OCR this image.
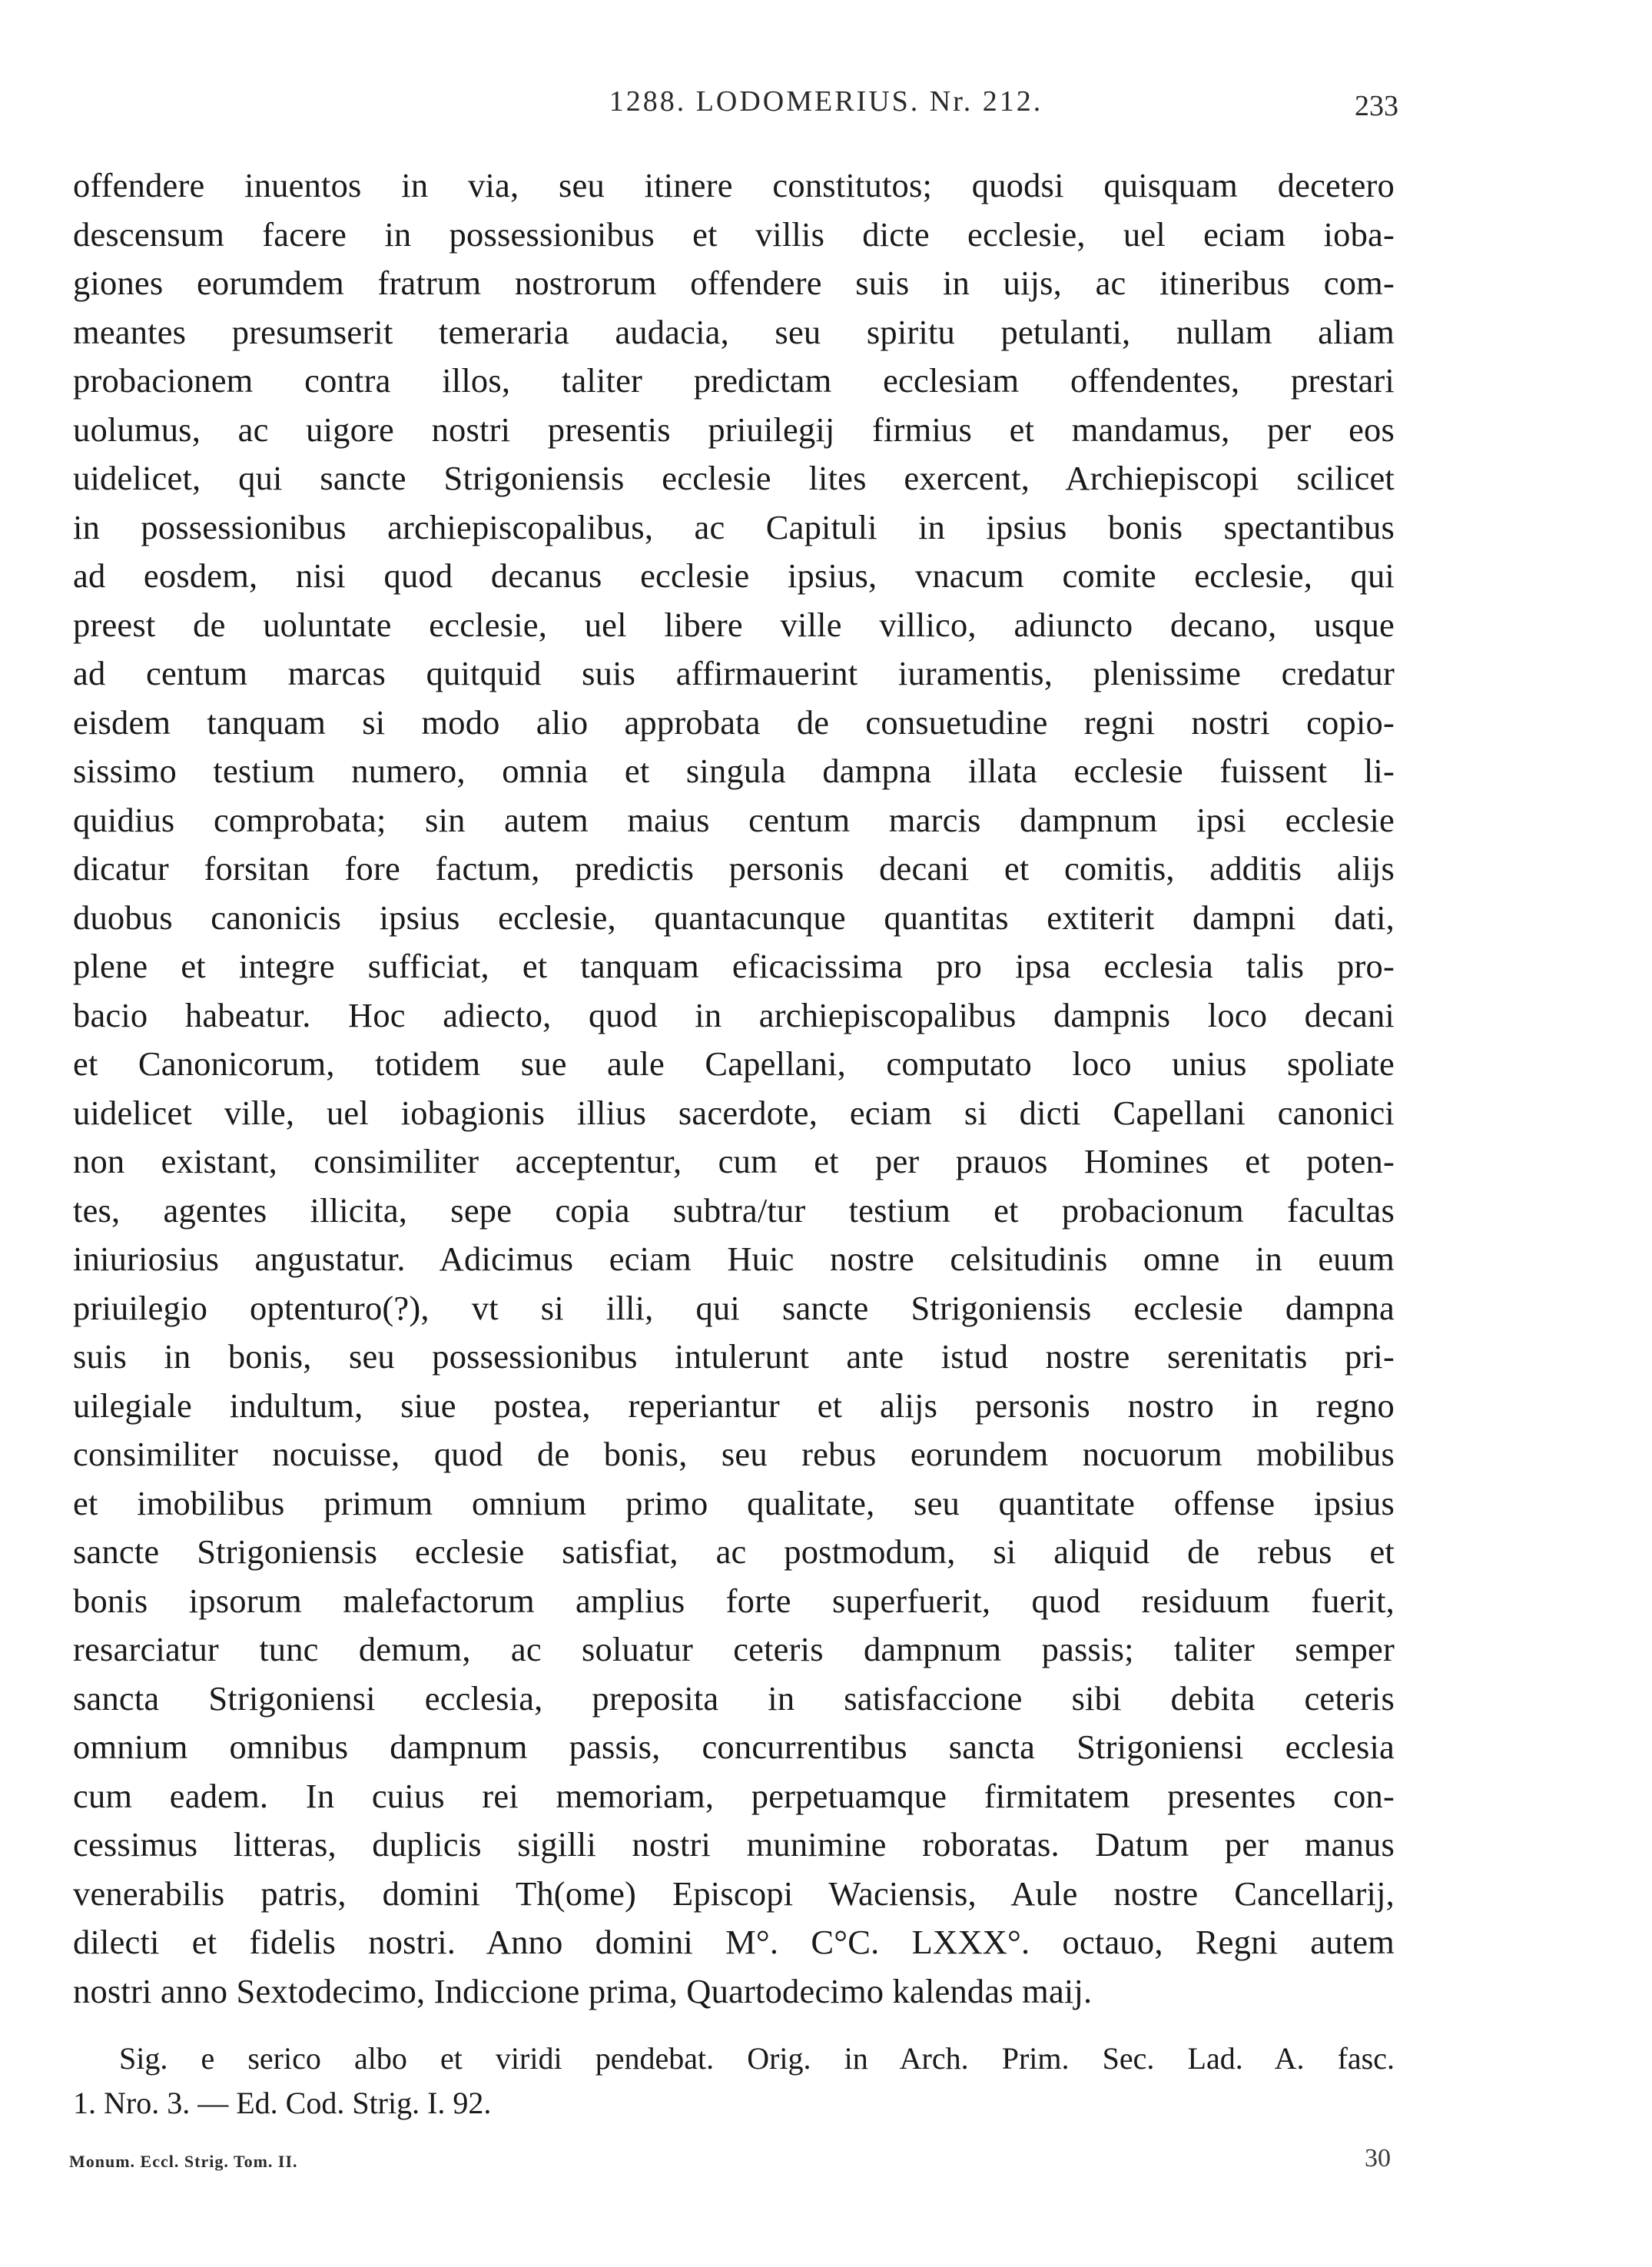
1288. LODOMERIUS. Nr. 212.	233
offendere inuentos in via, seu itinere constitutos; quodsi quisquam decetero
descensum facere in possessionibus et villis dicte ecclesie, uel eciam ioba-
giones eorumdem fratrum nostrorum offendere suis in uijs, ac itineribus com-
meantes presumserit temeraria audacia, seu spiritu petulanti, nullam aliam
probacionem contra illos, taliter predictam ecclesiam offendentes, prestari
uolumus, ac uigore nostri presentis priuilegij firmius et mandamus, per eos
uidelicet, qui sancte Strigoniensis ecclesie lites exercent, Archiepiscopi scilicet
in possessionibus archiepiscopalibus, ac Capituli in ipsius bonis spectantibus
ad eosdem, nisi quod decanus ecclesie ipsius, vnacum comite ecclesie, qui
preest de uoluntate ecclesie, uel libere ville villico, adiuncto decano, usque
ad centum marcas quitquid suis affirmauerint iuramentis, plenissime credatur
eisdem tanquam si modo alio approbata de consuetudine regni nostri copio-
sissimo testium numero, omnia et singula dampna illata ecclesie fuissent li-
quidius comprobata; sin autem maius centum marcis dampnum ipsi ecclesie
dicatur forsitan fore factum, predictis personis decani et comitis, additis alijs
duobus canonicis ipsius ecclesie, quantacunque quantitas extiterit dampni dati,
plene et integre sufficiat, et tanquam eficacissima pro ipsa ecclesia talis pro-
bacio habeatur. Hoc adiecto, quod in archiepiscopalibus dampnis loco decani
et Canonicorum, totidem sue aule Capellani, computato loco unius spoliate
uidelicet ville, uel iobagionis illius sacerdote, eciam si dicti Capellani canonici
non existant, consimiliter acceptentur, cum et per prauos Homines et poten-
tes, agentes illicita, sepe copia subtra/tur testium et probacionum facultas
iniuriosius angustatur. Adicimus eciam Huic nostre celsitudinis omne in euum
priuilegio optenturo(?), vt si illi, qui sancte Strigoniensis ecclesie dampna
suis in bonis, seu possessionibus intulerunt ante istud nostre serenitatis pri-
uilegiale indultum, siue postea, reperiantur et alijs personis nostro in regno
consimiliter nocuisse, quod de bonis, seu rebus eorundem nocuorum mobilibus
et imobilibus primum omnium primo qualitate, seu quantitate offense ipsius
sancte Strigoniensis ecclesie satisfiat, ac postmodum, si aliquid de rebus et
bonis ipsorum malefactorum amplius forte superfuerit, quod residuum fuerit,
resarciatur tunc demum, ac soluatur ceteris dampnum passis; taliter semper
sancta Strigoniensi ecclesia, preposita in satisfaccione sibi debita ceteris
omnium omnibus dampnum passis, concurrentibus sancta Strigoniensi ecclesia
cum eadem. In cuius rei memoriam, perpetuamque firmitatem presentes con-
cessimus litteras, duplicis sigilli nostri munimine roboratas. Datum per manus
venerabilis patris, domini Th(ome) Episcopi Waciensis, Aule nostre Cancellarij,
dilecti et fidelis nostri. Anno domini M°. C°C. LXXX°. octauo, Regni autem
nostri anno Sextodecimo, Indiccione prima, Quartodecimo kalendas maij.
Sig. e serico albo et viridi pendebat. Orig. in Arch. Prim. Sec. Lad. A. fasc.
1. Nro. 3. — Ed. Cod. Strig. I. 92.
Monum. Eccl. Strig. Tom. II.	30
